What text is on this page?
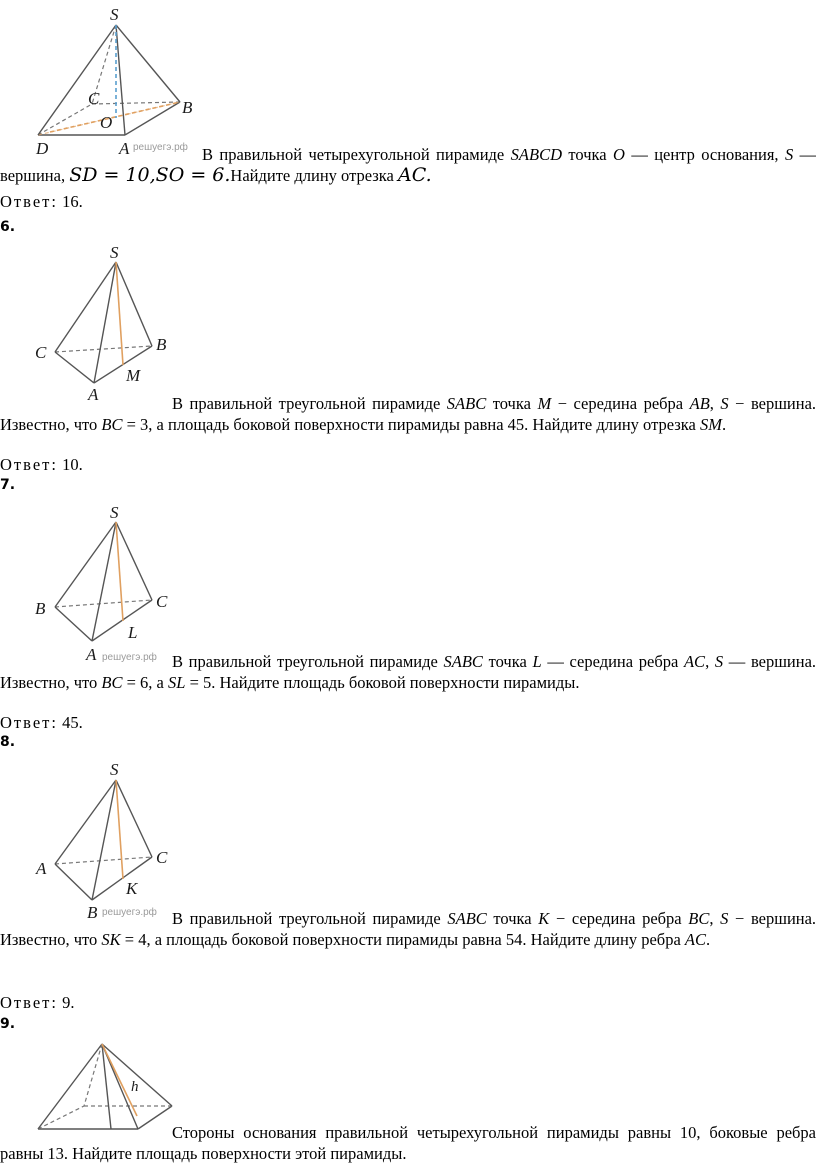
S
C	B
O
D	A решуегэ.рф В правильной четырехугольной пирамиде SABCD точка O — центр основания, S — вершина, SD = 10,SO = 6.Найдите длину отрезка AC.
Ответ: 16.
6.
S
C	B
A
M
В правильной треугольной пирамиде SABC точка M − середина ребра AB, S − вершина. Известно, что BC = 3, а площадь боковой поверхности пирамиды равна 45. Найдите длину отрезка SM.
Ответ: 10.
7.
S
B	C
A
L
решуегэ.рф В правильной треугольной пирамиде SABC точка L — середина ребра AC, S — вершина. Известно, что BC = 6, а SL = 5. Найдите площадь боковой поверхности пирамиды.
Ответ: 45.
8.
S
A
C
K
B решуегэ.рф В правильной треугольной пирамиде SABC точка K − середина ребра BC, S − вершина. Известно, что SK = 4, а площадь боковой поверхности пирамиды равна 54. Найдите длину ребра AC.
Ответ: 9.
9.
h
Стороны основания правильной четырехугольной пирамиды равны 10, боковые ребра равны 13. Найдите площадь поверхности этой пирамиды.
